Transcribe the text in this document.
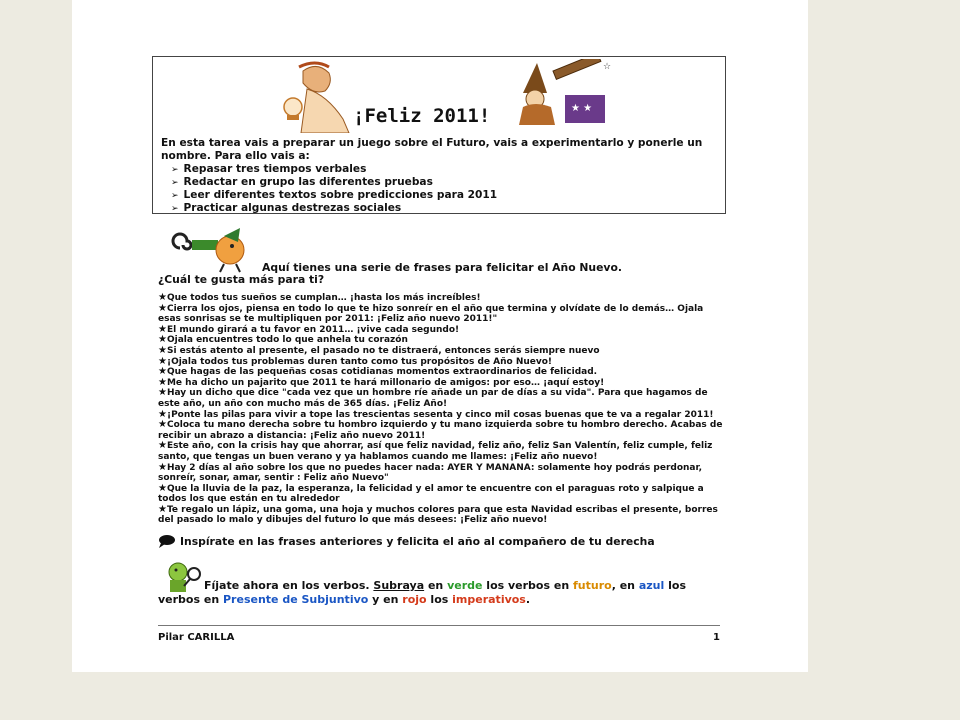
¡Feliz 2011!	★ ★
☆
En esta tarea vais a preparar un juego sobre el Futuro, vais a experimentarlo y ponerle un nombre. Para ello vais a:
➢ Repasar tres tiempos verbales
➢ Redactar en grupo las diferentes pruebas
➢ Leer diferentes textos sobre predicciones para 2011
➢ Practicar algunas destrezas sociales
Aquí tienes una serie de frases para felicitar el Año Nuevo.
¿Cuál te gusta más para ti?

★ Que todos tus sueños se cumplan… ¡hasta los más increíbles!

★ Cierra los ojos, piensa en todo lo que te hizo sonreír en el año que termina y olvídate de lo demás… Ojala esas sonrisas se te multipliquen por 2011: ¡Feliz año nuevo 2011!"

★ El mundo girará a tu favor en 2011… ¡vive cada segundo!

★ Ojala encuentres todo lo que anhela tu corazón

★ Si estás atento al presente, el pasado no te distraerá, entonces serás siempre nuevo

★ ¡Ojala todos tus problemas duren tanto como tus propósitos de Año Nuevo!

★ Que hagas de las pequeñas cosas cotidianas momentos extraordinarios de felicidad.

★ Me ha dicho un pajarito que 2011 te hará millonario de amigos: por eso… ¡aquí estoy!

★ Hay un dicho que dice "cada vez que un hombre ríe añade un par de días a su vida". Para que hagamos de este año, un año con mucho más de 365 días. ¡Feliz Año!

★ ¡Ponte las pilas para vivir a tope las trescientas sesenta y cinco mil cosas buenas que te va a regalar 2011!

★ Coloca tu mano derecha sobre tu hombro izquierdo y tu mano izquierda sobre tu hombro derecho. Acabas de recibir un abrazo a distancia: ¡Feliz año nuevo 2011!

★ Este año, con la crisis hay que ahorrar, así que feliz navidad, feliz año, feliz San Valentín, feliz cumple, feliz santo, que tengas un buen verano y ya hablamos cuando me llames: ¡Feliz año nuevo!

★ Hay 2 días al año sobre los que no puedes hacer nada: AYER Y MANANA: solamente hoy podrás perdonar, sonreír, sonar, amar, sentir : Feliz año Nuevo"

★ Que la lluvia de la paz, la esperanza, la felicidad y el amor te encuentre con el paraguas roto y salpique a todos los que están en tu alrededor

★ Te regalo un lápiz, una goma, una hoja y muchos colores para que esta Navidad escribas el presente, borres del pasado lo malo y dibujes del futuro lo que más desees: ¡Feliz año nuevo!

Inspírate en las frases anteriores y felicita el año al compañero de tu derecha
Fíjate ahora en los verbos. Subraya en verde los verbos en futuro, en azul los verbos en Presente de Subjuntivo y en rojo los imperativos.
Pilar CARILLA	1
